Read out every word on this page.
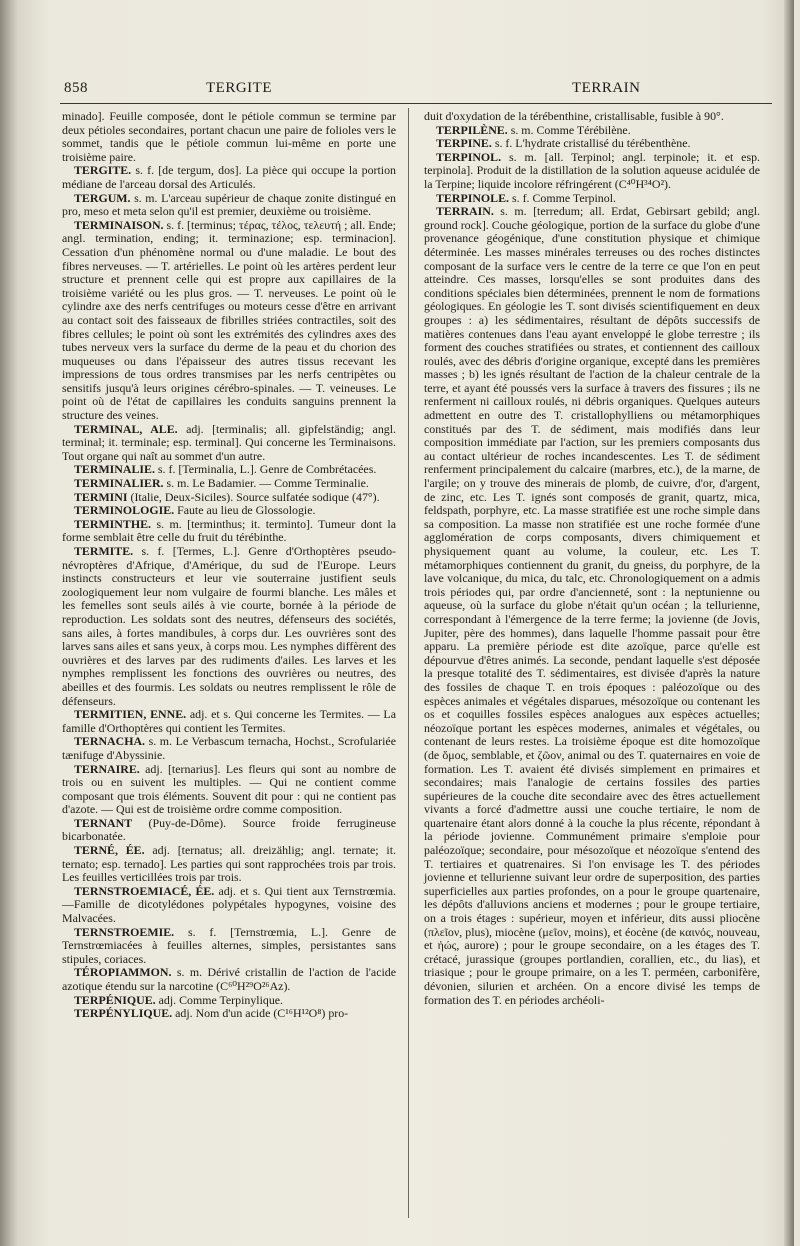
858	TERGITE	TERRAIN

minado]. Feuille composée, dont le pétiole commun se termine par deux pétioles secondaires, portant chacun une paire de folioles vers le sommet, tandis que le pétiole commun lui-même en porte une troisième paire.

TERGITE. s. f. [de tergum, dos]. La pièce qui occupe la portion médiane de l'arceau dorsal des Articulés.

TERGUM. s. m. L'arceau supérieur de chaque zonite distingué en pro, meso et meta selon qu'il est premier, deuxième ou troisième.

TERMINAISON. s. f. [terminus; τέρας, τέλος, τελευτή ; all. Ende; angl. termination, ending; it. terminazione; esp. terminacion]. Cessation d'un phénomène normal ou d'une maladie. Le bout des fibres nerveuses. — T. artérielles. Le point où les artères perdent leur structure et prennent celle qui est propre aux capillaires de la troisième variété ou les plus gros. — T. nerveuses. Le point où le cylindre axe des nerfs centrifuges ou moteurs cesse d'être en arrivant au contact soit des faisseaux de fibrilles striées contractiles, soit des fibres cellules; le point où sont les extrémités des cylindres axes des tubes nerveux vers la surface du derme de la peau et du chorion des muqueuses ou dans l'épaisseur des autres tissus recevant les impressions de tous ordres transmises par les nerfs centripètes ou sensitifs jusqu'à leurs origines cérébro-spinales. — T. veineuses. Le point où de l'état de capillaires les conduits sanguins prennent la structure des veines.

TERMINAL, ALE. adj. [terminalis; all. gipfelständig; angl. terminal; it. terminale; esp. terminal]. Qui concerne les Terminaisons. Tout organe qui naît au sommet d'un autre.

TERMINALIE. s. f. [Terminalia, L.]. Genre de Combrétacées.

TERMINALIER. s. m. Le Badamier. — Comme Terminalie.

TERMINI (Italie, Deux-Siciles). Source sulfatée sodique (47°).

TERMINOLOGIE. Faute au lieu de Glossologie.

TERMINTHE. s. m. [terminthus; it. terminto]. Tumeur dont la forme semblait être celle du fruit du térébinthe.

TERMITE. s. f. [Termes, L.]. Genre d'Orthoptères pseudo-névroptères d'Afrique, d'Amérique, du sud de l'Europe. Leurs instincts constructeurs et leur vie souterraine justifient seuls zoologiquement leur nom vulgaire de fourmi blanche. Les mâles et les femelles sont seuls ailés à vie courte, bornée à la période de reproduction. Les soldats sont des neutres, défenseurs des sociétés, sans ailes, à fortes mandibules, à corps dur. Les ouvrières sont des larves sans ailes et sans yeux, à corps mou. Les nymphes diffèrent des ouvrières et des larves par des rudiments d'ailes. Les larves et les nymphes remplissent les fonctions des ouvrières ou neutres, des abeilles et des fourmis. Les soldats ou neutres remplissent le rôle de défenseurs.

TERMITIEN, ENNE. adj. et s. Qui concerne les Termites. — La famille d'Orthoptères qui contient les Termites.

TERNACHA. s. m. Le Verbascum ternacha, Hochst., Scrofulariée tænifuge d'Abyssinie.

TERNAIRE. adj. [ternarius]. Les fleurs qui sont au nombre de trois ou en suivent les multiples. — Qui ne contient comme composant que trois éléments. Souvent dit pour : qui ne contient pas d'azote. — Qui est de troisième ordre comme composition.

TERNANT (Puy-de-Dôme). Source froide ferrugineuse bicarbonatée.

TERNÉ, ÉE. adj. [ternatus; all. dreizählig; angl. ternate; it. ternato; esp. ternado]. Les parties qui sont rapprochées trois par trois. Les feuilles verticillées trois par trois.

TERNSTROEMIACÉ, ÉE. adj. et s. Qui tient aux Ternstrœmia.—Famille de dicotylédones polypétales hypogynes, voisine des Malvacées.

TERNSTROEMIE. s. f. [Ternstrœmia, L.]. Genre de Ternstrœmiacées à feuilles alternes, simples, persistantes sans stipules, coriaces.

TÉROPIAMMON. s. m. Dérivé cristallin de l'action de l'acide azotique étendu sur la narcotine (C⁶⁰H²⁹O²⁶Az).

TERPÉNIQUE. adj. Comme Terpinylique.

TERPÉNYLIQUE. adj. Nom d'un acide (C¹⁶H¹²O⁸) pro-

duit d'oxydation de la térébenthine, cristallisable, fusible à 90°.

TERPILÈNE. s. m. Comme Térébilène.

TERPINE. s. f. L'hydrate cristallisé du térébenthène.

TERPINOL. s. m. [all. Terpinol; angl. terpinole; it. et esp. terpinola]. Produit de la distillation de la solution aqueuse acidulée de la Terpine; liquide incolore réfringérent (C⁴⁰H³⁴O²).

TERPINOLE. s. f. Comme Terpinol.

TERRAIN. s. m. [terredum; all. Erdat, Gebirsart gebild; angl. ground rock]. Couche géologique, portion de la surface du globe d'une provenance géogénique, d'une constitution physique et chimique déterminée. Les masses minérales terreuses ou des roches distinctes composant de la surface vers le centre de la terre ce que l'on en peut atteindre. Ces masses, lorsqu'elles se sont produites dans des conditions spéciales bien déterminées, prennent le nom de formations géologiques. En géologie les T. sont divisés scientifiquement en deux groupes : a) les sédimentaires, résultant de dépôts successifs de matières contenues dans l'eau ayant enveloppé le globe terrestre ; ils forment des couches stratifiées ou strates, et contiennent des cailloux roulés, avec des débris d'origine organique, excepté dans les premières masses ; b) les ignés résultant de l'action de la chaleur centrale de la terre, et ayant été poussés vers la surface à travers des fissures ; ils ne renferment ni cailloux roulés, ni débris organiques. Quelques auteurs admettent en outre des T. cristallophylliens ou métamorphiques constitués par des T. de sédiment, mais modifiés dans leur composition immédiate par l'action, sur les premiers composants dus au contact ultérieur de roches incandescentes. Les T. de sédiment renferment principalement du calcaire (marbres, etc.), de la marne, de l'argile; on y trouve des minerais de plomb, de cuivre, d'or, d'argent, de zinc, etc. Les T. ignés sont composés de granit, quartz, mica, feldspath, porphyre, etc. La masse stratifiée est une roche simple dans sa composition. La masse non stratifiée est une roche formée d'une agglomération de corps composants, divers chimiquement et physiquement quant au volume, la couleur, etc. Les T. métamorphiques contiennent du granit, du gneiss, du porphyre, de la lave volcanique, du mica, du talc, etc. Chronologiquement on a admis trois périodes qui, par ordre d'ancienneté, sont : la neptunienne ou aqueuse, où la surface du globe n'était qu'un océan ; la tellurienne, correspondant à l'émergence de la terre ferme; la jovienne (de Jovis, Jupiter, père des hommes), dans laquelle l'homme passait pour être apparu. La première période est dite azoïque, parce qu'elle est dépourvue d'êtres animés. La seconde, pendant laquelle s'est déposée la presque totalité des T. sédimentaires, est divisée d'après la nature des fossiles de chaque T. en trois époques : paléozoïque ou des espèces animales et végétales disparues, mésozoïque ou contenant les os et coquilles fossiles espèces analogues aux espèces actuelles; néozoïque portant les espèces modernes, animales et végétales, ou contenant de leurs restes. La troisième époque est dite homozoïque (de ὅμος, semblable, et ζῶον, animal ou des T. quaternaires en voie de formation. Les T. avaient été divisés simplement en primaires et secondaires; mais l'analogie de certains fossiles des parties supérieures de la couche dite secondaire avec des êtres actuellement vivants a forcé d'admettre aussi une couche tertiaire, le nom de quartenaire étant alors donné à la couche la plus récente, répondant à la période jovienne. Communément primaire s'emploie pour paléozoïque; secondaire, pour mésozoïque et néozoïque s'entend des T. tertiaires et quatrenaires. Si l'on envisage les T. des périodes jovienne et tellurienne suivant leur ordre de superposition, des parties superficielles aux parties profondes, on a pour le groupe quartenaire, les dépôts d'alluvions anciens et modernes ; pour le groupe tertiaire, on a trois étages : supérieur, moyen et inférieur, dits aussi pliocène (πλεῖον, plus), miocène (μεῖον, moins), et éocène (de καινός, nouveau, et ἠώς, aurore) ; pour le groupe secondaire, on a les étages des T. crétacé, jurassique (groupes portlandien, corallien, etc., du lias), et triasique ; pour le groupe primaire, on a les T. perméen, carbonifère, dévonien, silurien et archéen. On a encore divisé les temps de formation des T. en périodes archéoli-
